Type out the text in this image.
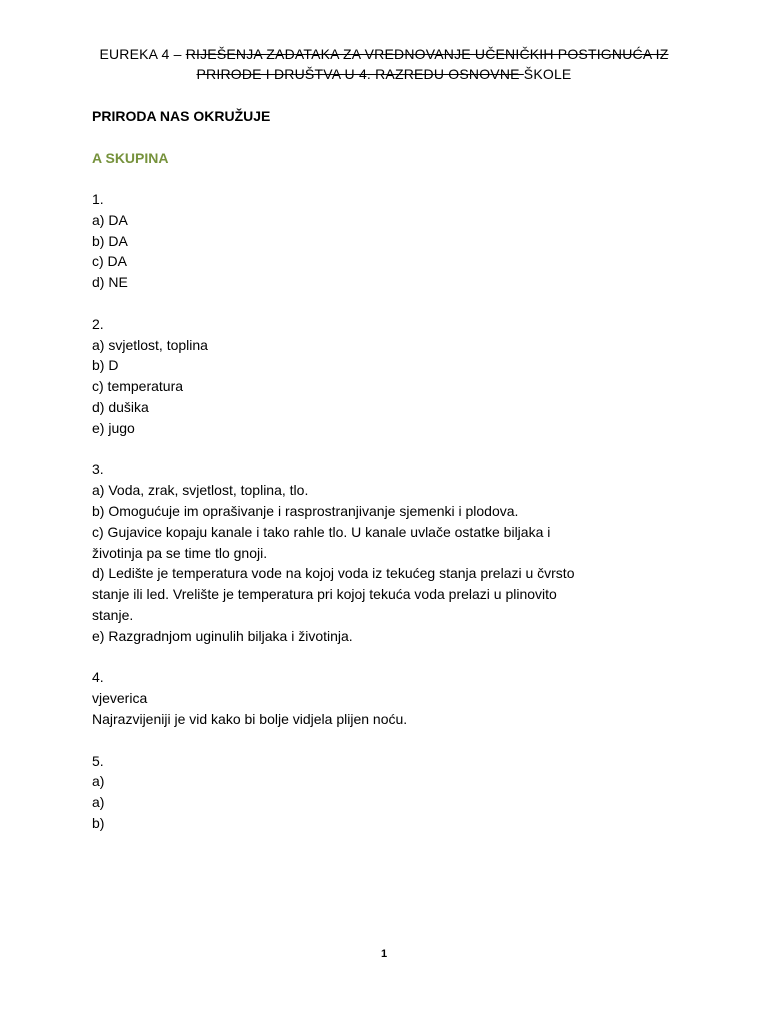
EUREKA 4 – RIJEŠENJA ZADATAKA ZA VREDNOVANJE UČENIČKIH POSTIGNUĆA IZ
PRIRODE I DRUŠTVA U 4. RAZREDU OSNOVNE ŠKOLE
PRIRODA NAS OKRUŽUJE
A SKUPINA
1.
a) DA
b) DA
c) DA
d) NE
2.
a) svjetlost, toplina
b) D
c) temperatura
d) dušika
e) jugo
3.
a) Voda, zrak, svjetlost, toplina, tlo.
b) Omogućuje im oprašivanje i rasprostranjivanje sjemenki i plodova.
c) Gujavice kopaju kanale i tako rahle tlo. U kanale uvlače ostatke biljaka i
životinja pa se time tlo gnoji.
d) Ledište je temperatura vode na kojoj voda iz tekućeg stanja prelazi u čvrsto
stanje ili led. Vrelište je temperatura pri kojoj tekuća voda prelazi u plinovito
stanje.
e) Razgradnjom uginulih biljaka i životinja.
4.
vjeverica
Najrazvijeniji je vid kako bi bolje vidjela plijen noću.
5.
a)
a)
b)
1
